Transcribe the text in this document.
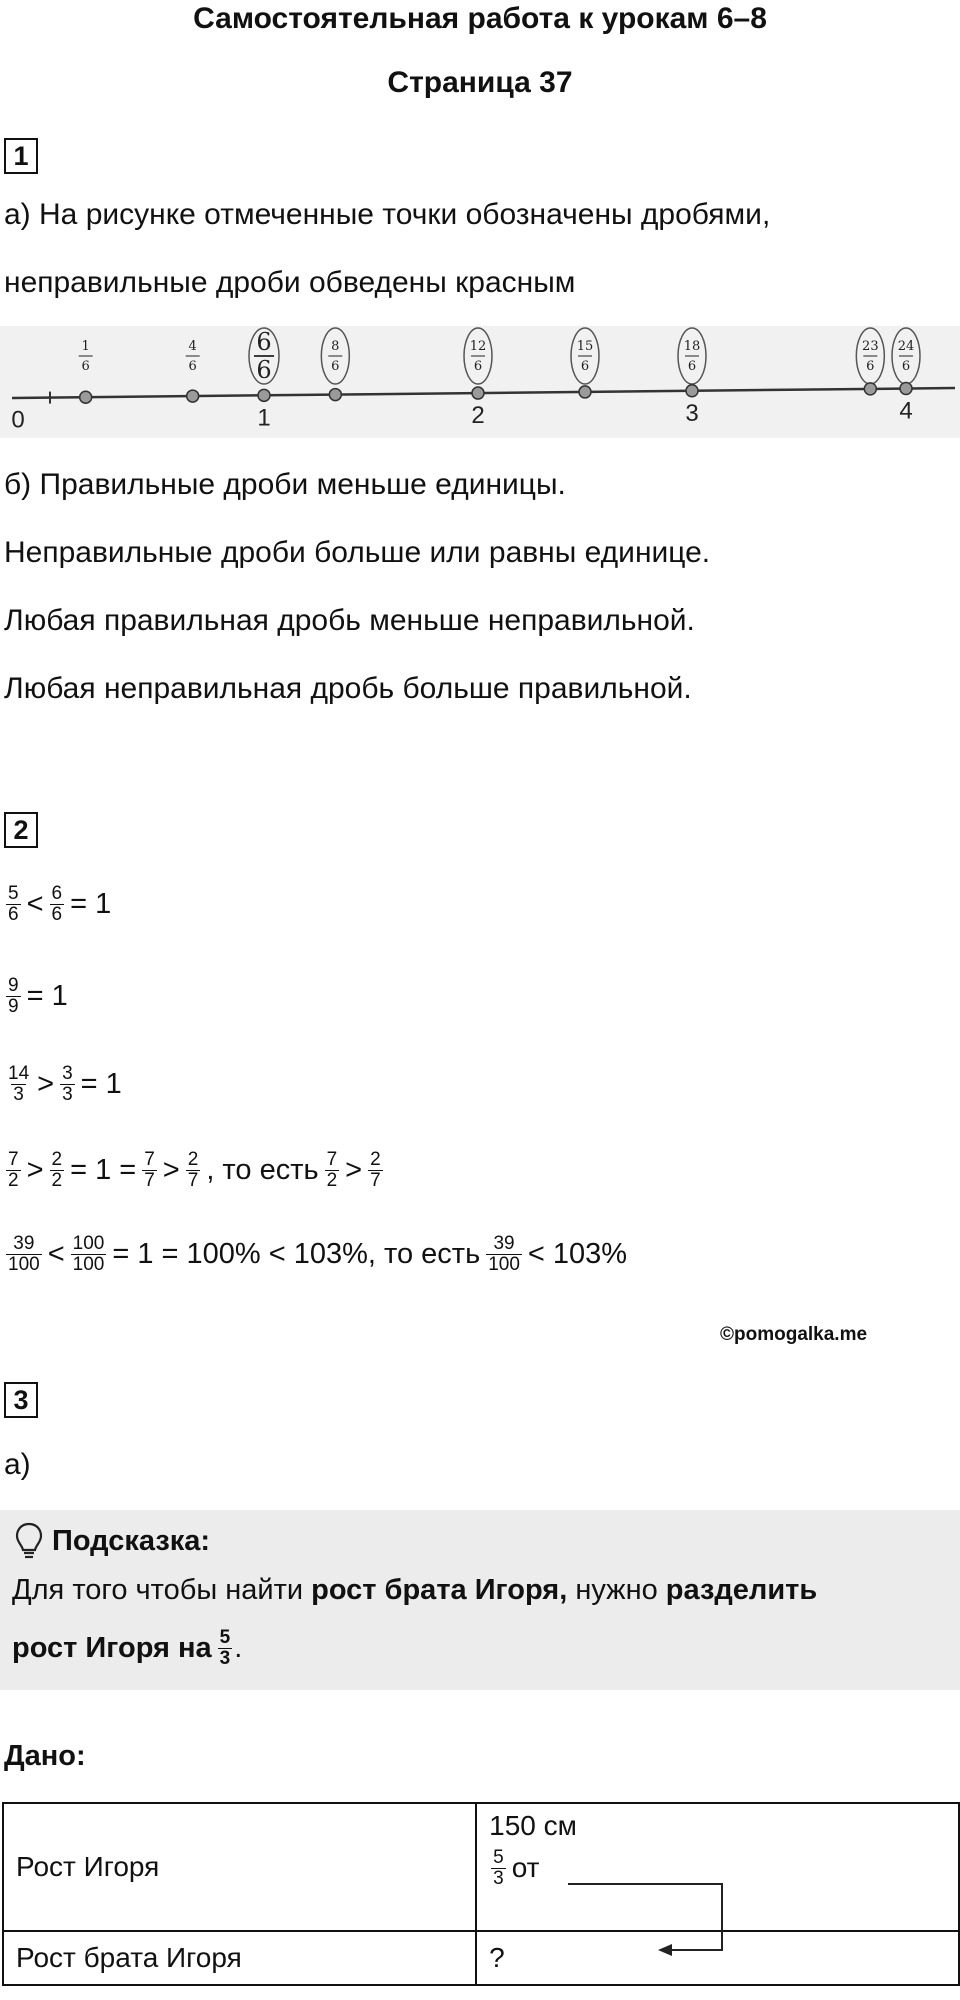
Самостоятельная работа к урокам 6–8
Страница 37
1
а) На рисунке отмеченные точки обозначены дробями,
неправильные дроби обведены красным
0	1	2	3	4
1
6
4
6
6
6
8
6
12
6
15
6
18
6
23
6
24
6
б) Правильные дроби меньше единицы.
Неправильные дроби больше или равны единице.
Любая правильная дробь меньше неправильной.
Любая неправильная дробь больше правильной.
2
$\frac{5}{6} < \frac{6}{6} = 1$
$\frac{9}{9} = 1$
$\frac{14}{3} > \frac{3}{3} = 1$
$\frac{7}{2} > \frac{2}{2} = 1 = \frac{7}{7} > \frac{2}{7}$ , то есть $\frac{7}{2} > \frac{2}{7}$
$\frac{39}{100} < \frac{100}{100} = 1 = 100\% < 103\%$, то есть $\frac{39}{100} < 103\%$
©pomogalka.me
3
а)
Подсказка:
Для того чтобы найти рост брата Игоря, нужно разделить
рост Игоря на $\frac{5}{3}$ .
Дано:
Рост Игоря	150 см
$\frac{5}{3}$ от

Рост брата Игоря	?
